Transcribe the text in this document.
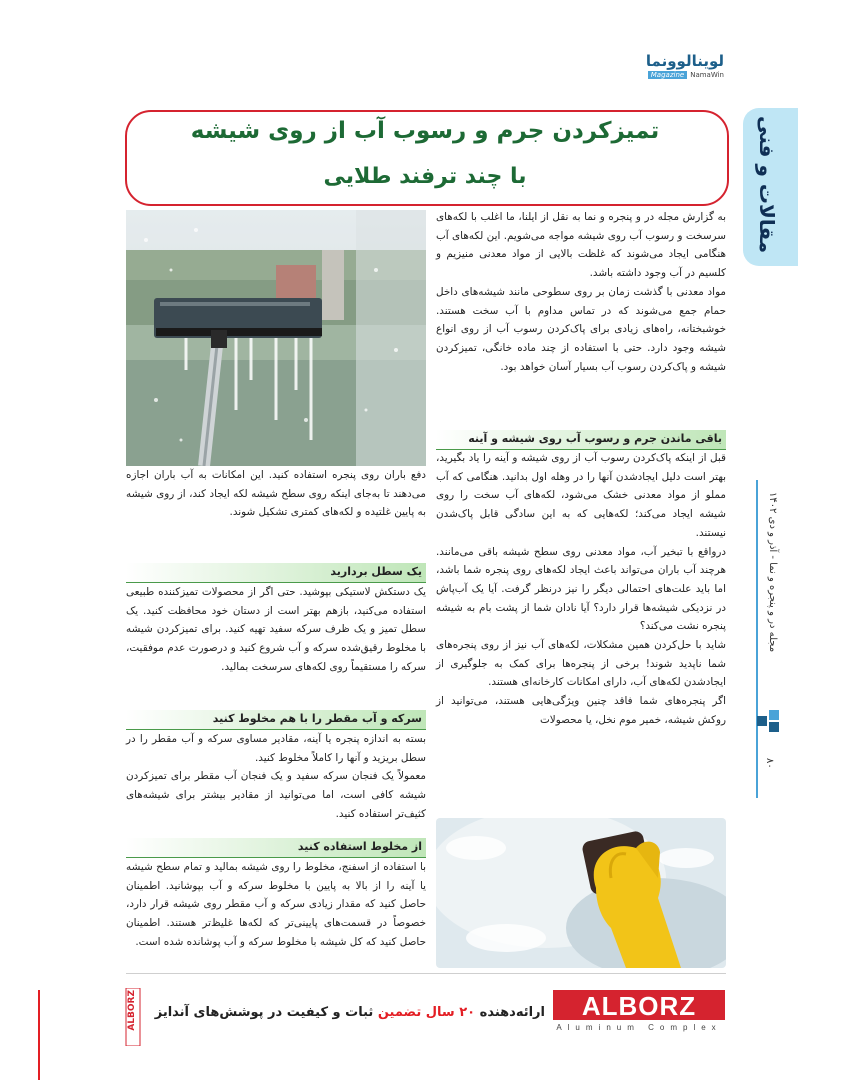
لوینالوونما
Magazine NamaWin
مقالات و فنی
مجله در و پنجره و نما - آذر و دی ۱۴۰۲
۸۰
تمیزکردن جرم و رسوب آب از روی شیشه
با چند ترفند طلایی

به گزارش مجله در و پنجره و نما به نقل از ایلنا، ما اغلب با لکه‌های سرسخت و رسوب آب روی شیشه مواجه می‌شویم. این لکه‌های آب هنگامی ایجاد می‌شوند که غلظت بالایی از مواد معدنی منیزیم و کلسیم در آب وجود داشته باشد.

مواد معدنی با گذشت زمان بر روی سطوحی مانند شیشه‌های داخل حمام جمع می‌شوند که در تماس مداوم با آب سخت هستند. خوشبختانه، راه‌های زیادی برای پاک‌کردن رسوب آب از روی انواع شیشه وجود دارد. حتی با استفاده از چند ماده خانگی، تمیزکردن شیشه و پاک‌کردن رسوب آب بسیار آسان خواهد بود.

باقی ماندن جرم و رسوب آب روی شیشه و آینه

قبل از اینکه پاک‌کردن رسوب آب از روی شیشه و آینه را یاد بگیرید، بهتر است دلیل ایجادشدن آنها را در وهله اول بدانید. هنگامی که آب مملو از مواد معدنی خشک می‌شود، لکه‌های آب سخت را روی شیشه ایجاد می‌کند؛ لکه‌هایی که به این سادگی قابل پاک‌شدن نیستند.

درواقع با تبخیر آب، مواد معدنی روی سطح شیشه باقی می‌مانند. هرچند آب باران می‌تواند باعث ایجاد لکه‌های روی پنجره شما باشد، اما باید علت‌های احتمالی دیگر را نیز درنظر گرفت. آیا یک آب‌پاش در نزدیکی شیشه‌ها قرار دارد؟ آیا نادان شما از پشت بام به شیشه پنجره نشت می‌کند؟

شاید با حل‌کردن همین مشکلات، لکه‌های آب نیز از روی پنجره‌های شما ناپدید شوند! برخی از پنجره‌ها برای کمک به جلوگیری از ایجادشدن لکه‌های آب، دارای امکانات کارخانه‌ای هستند.

اگر پنجره‌های شما فاقد چنین ویژگی‌هایی هستند، می‌توانید از روکش شیشه، خمیر موم نخل، یا محصولات

دفع باران روی پنجره استفاده کنید. این امکانات به آب باران اجازه می‌دهند تا به‌جای اینکه روی سطح شیشه لکه ایجاد کند، از روی شیشه به پایین غلتیده و لکه‌های کمتری تشکیل شوند.
یک سطل بردارید
یک دستکش لاستیکی بپوشید. حتی اگر از محصولات تمیزکننده طبیعی استفاده می‌کنید، بازهم بهتر است از دستان خود محافظت کنید. یک سطل تمیز و یک ظرف سرکه سفید تهیه کنید. برای تمیزکردن شیشه با مخلوط رقیق‌شده سرکه و آب شروع کنید و درصورت عدم موفقیت، سرکه را مستقیماً روی لکه‌های سرسخت بمالید.
سرکه و آب مقطر را با هم مخلوط کنید

بسته به اندازه پنجره یا آینه، مقادیر مساوی سرکه و آب مقطر را در سطل بریزید و آنها را کاملاً مخلوط کنید.

معمولاً یک فنجان سرکه سفید و یک فنجان آب مقطر برای تمیزکردن شیشه کافی است، اما می‌توانید از مقادیر بیشتر برای شیشه‌های کثیف‌تر استفاده کنید.

از مخلوط استفاده کنید
با استفاده از اسفنج، مخلوط را روی شیشه بمالید و تمام سطح شیشه یا آینه را از بالا به پایین با مخلوط سرکه و آب بپوشانید. اطمینان حاصل کنید که مقدار زیادی سرکه و آب مقطر روی شیشه قرار دارد، خصوصاً در قسمت‌های پایینی‌تر که لکه‌ها غلیظ‌تر هستند. اطمینان حاصل کنید که کل شیشه با مخلوط سرکه و آب پوشانده شده است.
ALBORZ	ارائه‌دهنده ۲۰ سال تضمین ثبات و کیفیت در پوشش‌های آندایز	ALBORZ
Aluminum Complex
